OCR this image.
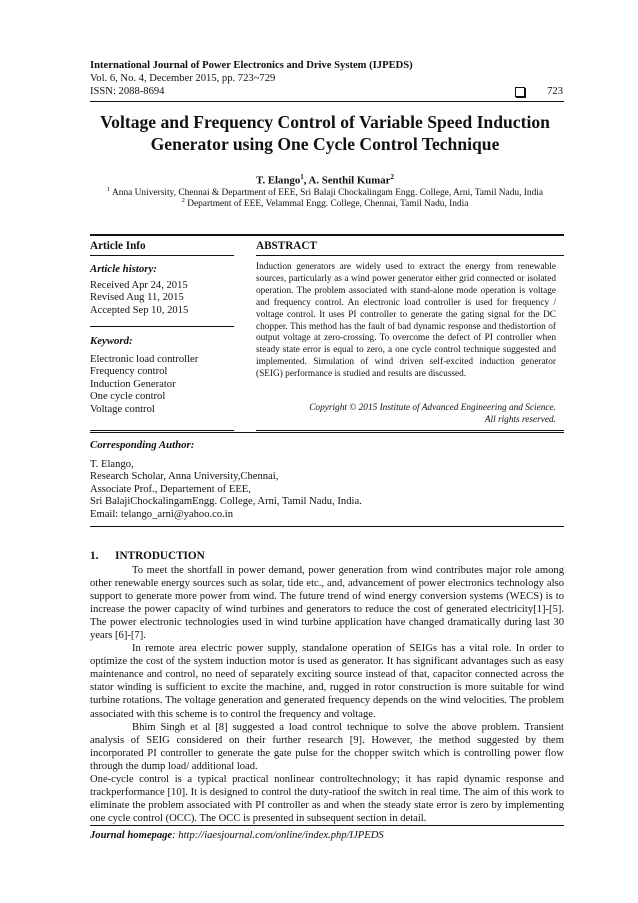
International Journal of Power Electronics and Drive System (IJPEDS)
Vol. 6, No. 4, December 2015, pp. 723~729
ISSN: 2088-8694	723
Voltage and Frequency Control of Variable Speed Induction
Generator using One Cycle Control Technique
T. Elango$^1$, A. Senthil Kumar$^2$
$^1$ Anna University, Chennai & Department of EEE, Sri Balaji Chockalingam Engg. College, Arni, Tamil Nadu, India
$^2$ Department of EEE, Velammal Engg. College, Chennai, Tamil Nadu, India
Article Info
Article history:
Received Apr 24, 2015
Revised Aug 11, 2015
Accepted Sep 10, 2015
Keyword:
Electronic load controller
Frequency control
Induction Generator
One cycle control
Voltage control
ABSTRACT
Induction generators are widely used to extract the energy from renewable sources, particularly as a wind power generator either grid connected or isolated operation. The problem associated with stand-alone mode operation is voltage and frequency control. An electronic load controller is used for frequency / voltage control. It uses PI controller to generate the gating signal for the DC chopper. This method has the fault of bad dynamic response and thedistortion of output voltage at zero-crossing. To overcome the defect of PI controller when steady state error is equal to zero, a one cycle control technique suggested and implemented. Simulation of wind driven self-excited induction generator (SEIG) performance is studied and results are discussed.
Copyright © 2015 Institute of Advanced Engineering and Science.
All rights reserved.
Corresponding Author:
T. Elango,
Research Scholar, Anna University,Chennai,
Associate Prof., Departement of EEE,
Sri BalajiChockalingamEngg. College, Arni, Tamil Nadu, India.
Email: telango_arni@yahoo.co.in
1.      INTRODUCTION

To meet the shortfall in power demand, power generation from wind contributes major role among other renewable energy sources such as solar, tide etc., and, advancement of power electronics technology also support to generate more power from wind. The future trend of wind energy conversion systems (WECS) is to increase the power capacity of wind turbines and generators to reduce the cost of generated electricity[1]-[5]. The power electronic technologies used in wind turbine application have changed dramatically during last 30 years [6]-[7].

In remote area electric power supply, standalone operation of SEIGs has a vital role. In order to optimize the cost of the system induction motor is used as generator. It has significant advantages such as easy maintenance and control, no need of separately exciting source instead of that, capacitor connected across the stator winding is sufficient to excite the machine, and, rugged in rotor construction is more suitable for wind turbine rotations. The voltage generation and generated frequency depends on the wind velocities. The problem associated with this scheme is to control the frequency and voltage.

Bhim Singh et al [8] suggested a load control technique to solve the above problem. Transient analysis of SEIG considered on their further research [9]. However, the method suggested by them incorporated PI controller to generate the gate pulse for the chopper switch which is controlling power flow through the dump load/ additional load.

One-cycle control is a typical practical nonlinear controltechnology; it has rapid dynamic response and trackperformance [10]. It is designed to control the duty-ratioof the switch in real time. The aim of this work to eliminate the problem associated with PI controller as and when the steady state error is zero by implementing one cycle control (OCC). The OCC is presented in subsequent section in detail.

Journal homepage: http://iaesjournal.com/online/index.php/IJPEDS
